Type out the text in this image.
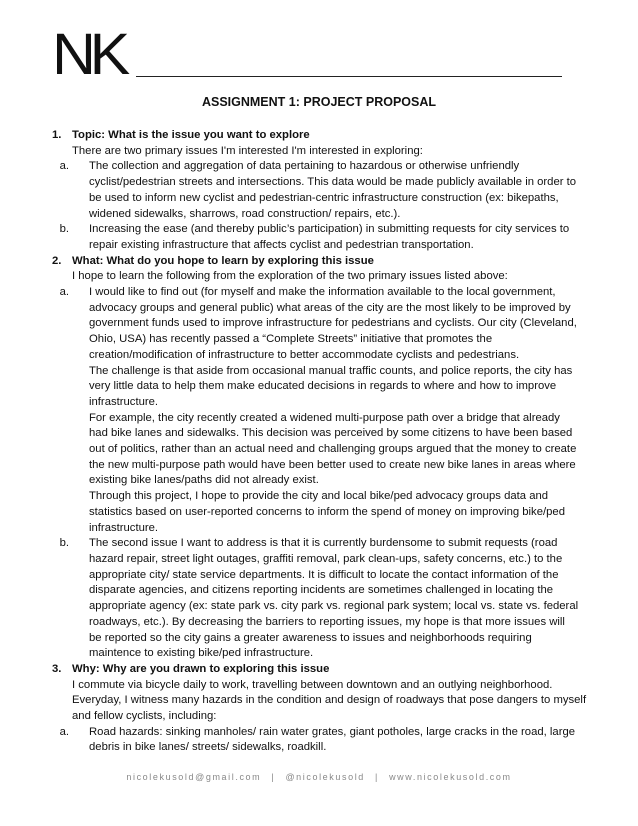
NK
ASSIGNMENT 1: PROJECT PROPOSAL
1. Topic: What is the issue you want to explore
There are two primary issues I'm interested I'm interested in exploring:
a.	The collection and aggregation of data pertaining to hazardous or otherwise unfriendly cyclist/pedestrian streets and intersections. This data would be made publicly available in order to be used to inform new cyclist and pedestrian-centric infrastructure construction (ex: bikepaths, widened sidewalks, sharrows, road construction/ repairs, etc.).

b.	Increasing the ease (and thereby public’s participation) in submitting requests for city services to repair existing infrastructure that affects cyclist and pedestrian transportation.

2. What: What do you hope to learn by exploring this issue
I hope to learn the following from the exploration of the two primary issues listed above:
a.	I would like to find out (for myself and make the information available to the local government, advocacy groups and general public) what areas of the city are the most likely to be improved by government funds used to improve infrastructure for pedestrians and cyclists. Our city (Cleveland, Ohio, USA) has recently passed a “Complete Streets” initiative that promotes the creation/modification of infrastructure to better accommodate cyclists and pedestrians.

The challenge is that aside from occasional manual traffic counts, and police reports, the city has very little data to help them make educated decisions in regards to where and how to improve infrastructure.

For example, the city recently created a widened multi-purpose path over a bridge that already had bike lanes and sidewalks. This decision was perceived by some citizens to have been based out of politics, rather than an actual need and challenging groups argued that the money to create the new multi-purpose path would have been better used to create new bike lanes in areas where existing bike lanes/paths did not already exist.

Through this project, I hope to provide the city and local bike/ped advocacy groups data and statistics based on user-reported concerns to inform the spend of money on improving bike/ped infrastructure.

b.	The second issue I want to address is that it is currently burdensome to submit requests (road hazard repair, street light outages, graffiti removal, park clean-ups, safety concerns, etc.) to the appropriate city/ state service departments. It is difficult to locate the contact information of the disparate agencies, and citizens reporting incidents are sometimes challenged in locating the appropriate agency (ex: state park vs. city park vs. regional park system; local vs. state vs. federal roadways, etc.). By decreasing the barriers to reporting issues, my hope is that more issues will be reported so the city gains a greater awareness to issues and neighborhoods requiring maintence to existing bike/ped infrastructure.

3. Why: Why are you drawn to exploring this issue
I commute via bicycle daily to work, travelling between downtown and an outlying neighborhood. Everyday, I witness many hazards in the condition and design of roadways that pose dangers to myself and fellow cyclists, including:
a.	Road hazards: sinking manholes/ rain water grates, giant potholes, large cracks in the road, large debris in bike lanes/ streets/ sidewalks, roadkill.

nicolekusold@gmail.com | @nicolekusold | www.nicolekusold.com
